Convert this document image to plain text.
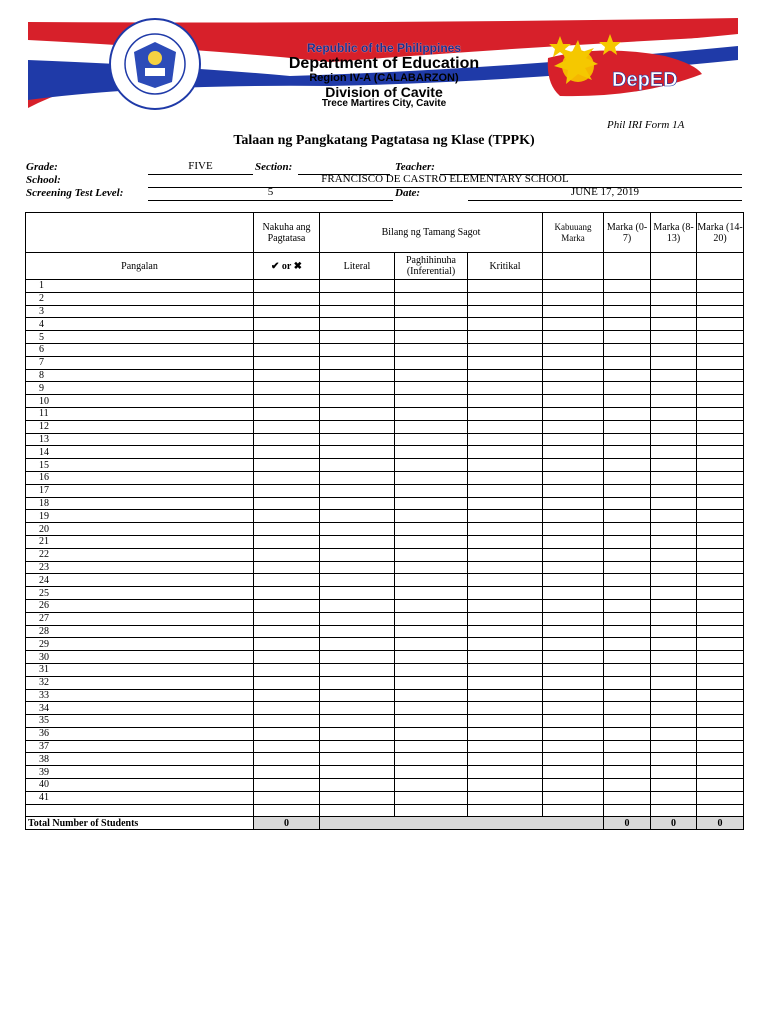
DepED
CAVITE
Republic of the Philippines
Department of Education
Region IV-A (CALABARZON)
Division of Cavite
Trece Martires City, Cavite
Phil IRI Form 1A
Talaan ng Pangkatang Pagtatasa ng Klase (TPPK)
Grade:	FIVE	Section:	Teacher:
School:	FRANCISCO DE CASTRO ELEMENTARY SCHOOL
Screening Test Level:	5	Date:	JUNE 17, 2019
	Nakuha ang Pagtatasa	Bilang ng Tamang Sagot			Kabuuang Marka	Marka (0-7)	Marka (8-13)	Marka (14-20)
Pangalan	✔ or ✖	Literal	Paghihinuha (Inferential)	Kritikal				
1								
2								
3								
4								
5								
6								
7								
8								
9								
10								
11								
12								
13								
14								
15								
16								
17								
18								
19								
20								
21								
22								
23								
24								
25								
26								
27								
28								
29								
30								
31								
32								
33								
34								
35								
36								
37								
38								
39								
40								
41								

Total Number of Students	0					0	0	0
